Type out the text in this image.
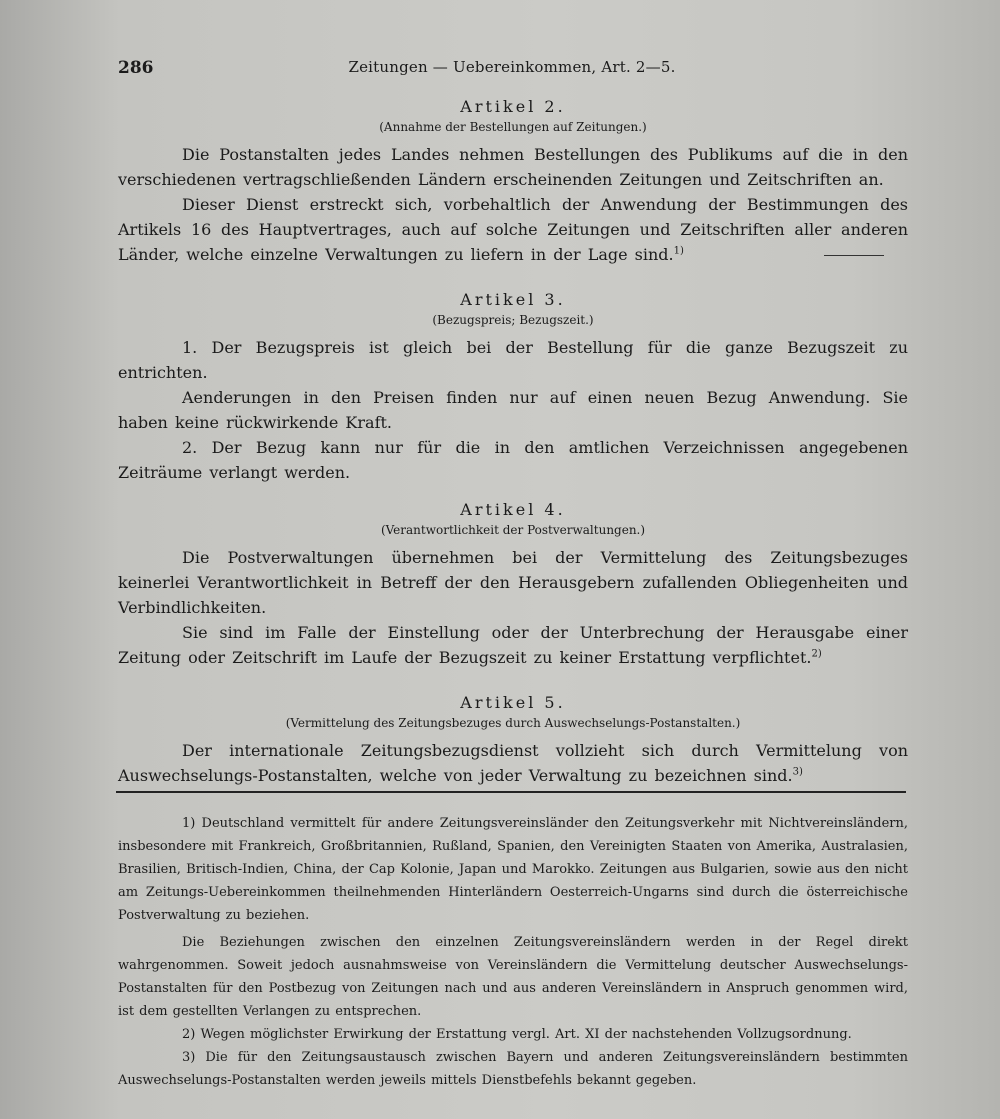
286	Zeitungen — Uebereinkommen, Art. 2—5.

Artikel 2.

(Annahme der Bestellungen auf Zeitungen.)

Die Postanstalten jedes Landes nehmen Bestellungen des Publikums auf die in den verschiedenen vertragschließenden Ländern erscheinenden Zeitungen und Zeitschriften an.

Dieser Dienst erstreckt sich, vorbehaltlich der Anwendung der Bestimmungen des Artikels 16 des Hauptvertrages, auch auf solche Zeitungen und Zeitschriften aller anderen Länder, welche einzelne Verwaltungen zu liefern in der Lage sind.$^{1)}$

Artikel 3.

(Bezugspreis; Bezugszeit.)

1. Der Bezugspreis ist gleich bei der Bestellung für die ganze Bezugszeit zu entrichten.

Aenderungen in den Preisen finden nur auf einen neuen Bezug Anwendung. Sie haben keine rückwirkende Kraft.

2. Der Bezug kann nur für die in den amtlichen Verzeichnissen angegebenen Zeiträume verlangt werden.

Artikel 4.

(Verantwortlichkeit der Postverwaltungen.)

Die Postverwaltungen übernehmen bei der Vermittelung des Zeitungsbezuges keinerlei Verantwortlichkeit in Betreff der den Herausgebern zufallenden Obliegenheiten und Verbindlichkeiten.

Sie sind im Falle der Einstellung oder der Unterbrechung der Herausgabe einer Zeitung oder Zeitschrift im Laufe der Bezugszeit zu keiner Erstattung verpflichtet.$^{2)}$

Artikel 5.

(Vermittelung des Zeitungsbezuges durch Auswechselungs-Postanstalten.)

Der internationale Zeitungsbezugsdienst vollzieht sich durch Vermittelung von Auswechselungs-Postanstalten, welche von jeder Verwaltung zu bezeichnen sind.$^{3)}$

1) Deutschland vermittelt für andere Zeitungsvereinsländer den Zeitungsverkehr mit Nichtvereinsländern, insbesondere mit Frankreich, Großbritannien, Rußland, Spanien, den Vereinigten Staaten von Amerika, Australasien, Brasilien, Britisch-Indien, China, der Cap Kolonie, Japan und Marokko. Zeitungen aus Bulgarien, sowie aus den nicht am Zeitungs-Uebereinkommen theilnehmenden Hinterländern Oesterreich-Ungarns sind durch die österreichische Postverwaltung zu beziehen.

Die Beziehungen zwischen den einzelnen Zeitungsvereinsländern werden in der Regel direkt wahrgenommen. Soweit jedoch ausnahmsweise von Vereinsländern die Vermittelung deutscher Auswechselungs-Postanstalten für den Postbezug von Zeitungen nach und aus anderen Vereinsländern in Anspruch genommen wird, ist dem gestellten Verlangen zu entsprechen.

2) Wegen möglichster Erwirkung der Erstattung vergl. Art. XI der nachstehenden Vollzugsordnung.

3) Die für den Zeitungsaustausch zwischen Bayern und anderen Zeitungsvereinsländern bestimmten Auswechselungs-Postanstalten werden jeweils mittels Dienstbefehls bekannt gegeben.
